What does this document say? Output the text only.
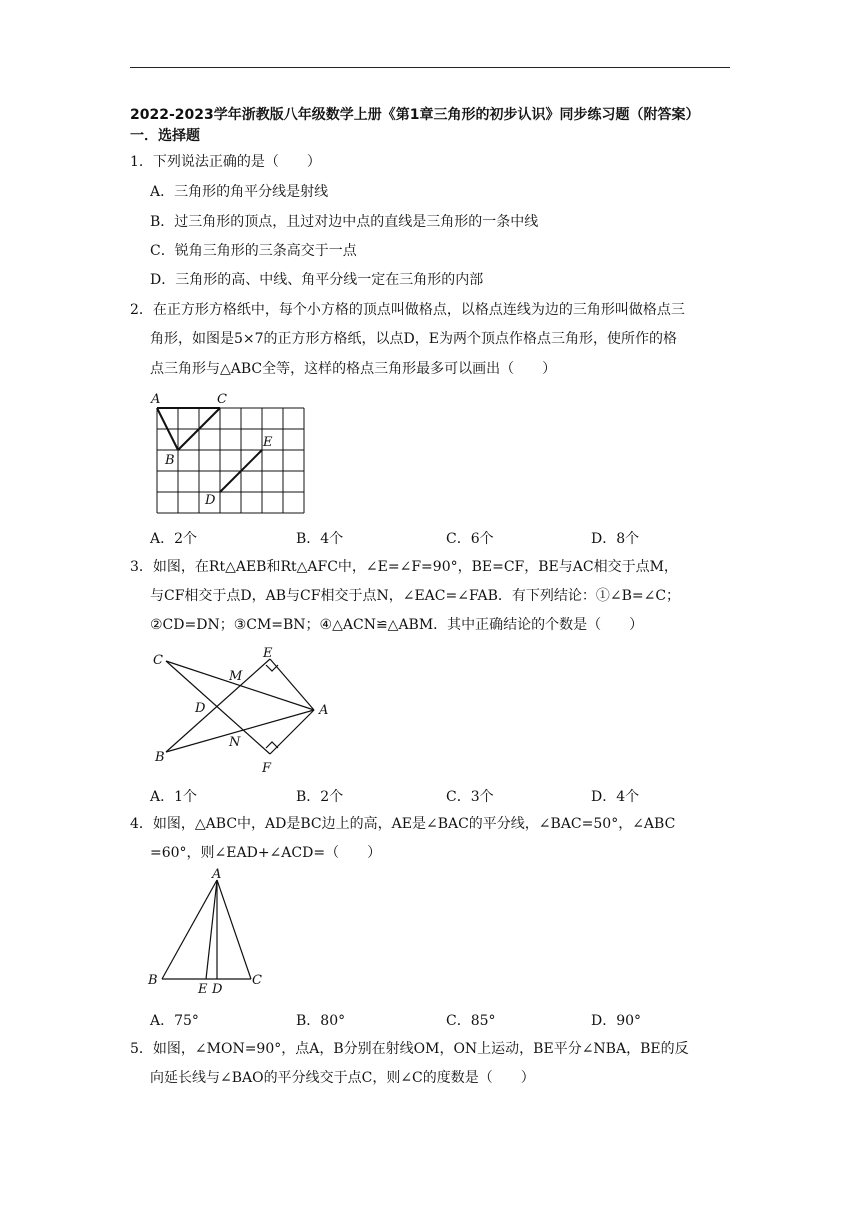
2022-2023学年浙教版八年级数学上册《第1章三角形的初步认识》同步练习题（附答案）
一．选择题
1．下列说法正确的是（　　）
A．三角形的角平分线是射线
B．过三角形的顶点，且过对边中点的直线是三角形的一条中线
C．锐角三角形的三条高交于一点
D．三角形的高、中线、角平分线一定在三角形的内部
2．在正方形方格纸中，每个小方格的顶点叫做格点，以格点连线为边的三角形叫做格点三
角形，如图是5×7的正方形方格纸，以点D，E为两个顶点作格点三角形，使所作的格
点三角形与△ABC全等，这样的格点三角形最多可以画出（　　）
A	C
B
E
D
A．2个	B．4个	C．6个	D．8个
3．如图，在Rt△AEB和Rt△AFC中，∠E=∠F=90°，BE=CF，BE与AC相交于点M，
与CF相交于点D，AB与CF相交于点N，∠EAC=∠FAB．有下列结论：①∠B=∠C；
②CD=DN；③CM=BN；④△ACN≌△ABM．其中正确结论的个数是（　　）
C	E
M
D	A
B
N
F
A．1个	B．2个	C．3个	D．4个
4．如图，△ABC中，AD是BC边上的高，AE是∠BAC的平分线，∠BAC=50°，∠ABC
=60°，则∠EAD+∠ACD=（　　）
A
B
E D
C
A．75°	B．80°	C．85°	D．90°
5．如图，∠MON=90°，点A，B分别在射线OM，ON上运动，BE平分∠NBA，BE的反
向延长线与∠BAO的平分线交于点C，则∠C的度数是（　　）
